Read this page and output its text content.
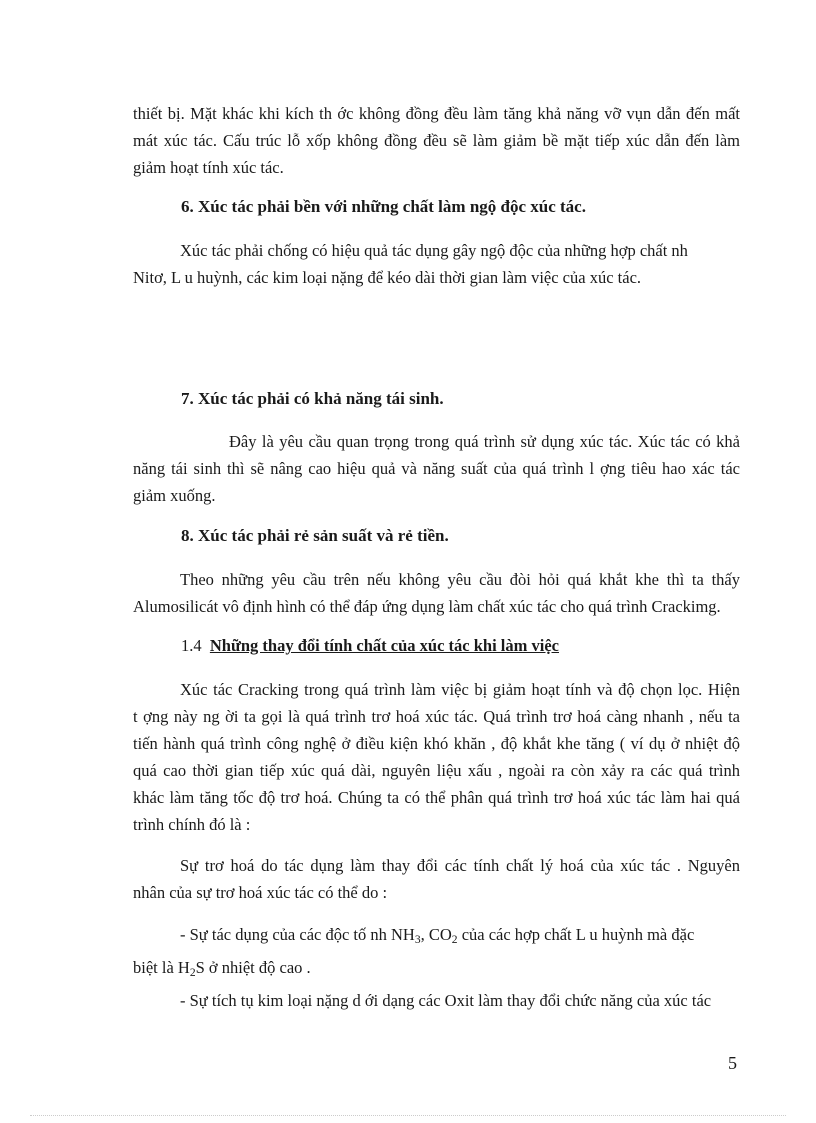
thiết bị. Mặt khác khi kích th ớc không đồng đều làm tăng khả năng vỡ vụn dẫn đến mất
mát xúc tác. Cấu trúc lỗ xốp không đồng đều sẽ làm giảm bề mặt tiếp xúc dẫn đến làm
giảm hoạt tính xúc tác.

6. Xúc tác phải bền với những chất làm ngộ độc xúc tác.

Xúc tác phải chống có hiệu quả tác dụng gây ngộ độc của những hợp chất nh
Nitơ, L u huỳnh, các kim loại nặng để kéo dài thời gian làm việc của xúc tác.

7. Xúc tác phải có khả năng tái sinh.

Đây là yêu cầu quan trọng trong quá trình sử dụng xúc tác. Xúc tác có khả
năng tái sinh thì sẽ nâng cao hiệu quả và năng suất của quá trình l ợng tiêu hao xác tác
giảm xuống.

8. Xúc tác phải rẻ sản suất và rẻ tiền.

Theo những yêu cầu trên nếu không yêu cầu đòi hỏi quá khắt khe thì ta thấy
Alumosilicát vô định hình có thể đáp ứng dụng làm chất xúc tác cho quá trình Crackimg.

1.4 Những thay đổi tính chất của xúc tác khi làm việc

Xúc tác Cracking trong quá trình làm việc bị giảm hoạt tính và độ chọn lọc. Hiện
t ợng này ng ời ta gọi là quá trình trơ hoá xúc tác. Quá trình trơ hoá càng nhanh , nếu ta
tiến hành quá trình công nghệ ở điều kiện khó khăn , độ khắt khe tăng ( ví dụ ở nhiệt độ
quá cao thời gian tiếp xúc quá dài, nguyên liệu xấu , ngoài ra còn xảy ra các quá trình
khác làm tăng tốc độ trơ hoá. Chúng ta có thể phân quá trình trơ hoá xúc tác làm hai quá
trình chính đó là :
Sự trơ hoá do tác dụng làm thay đổi các tính chất lý hoá của xúc tác . Nguyên
nhân của sự trơ hoá xúc tác có thể do :
- Sự tác dụng của các độc tố nh $NH_3$, $CO_2$ của các hợp chất L u huỳnh mà đặc
biệt là $H_2S$ ở nhiệt độ cao .
- Sự tích tụ kim loại nặng d ới dạng các Oxit làm thay đổi chức năng của xúc tác
5
